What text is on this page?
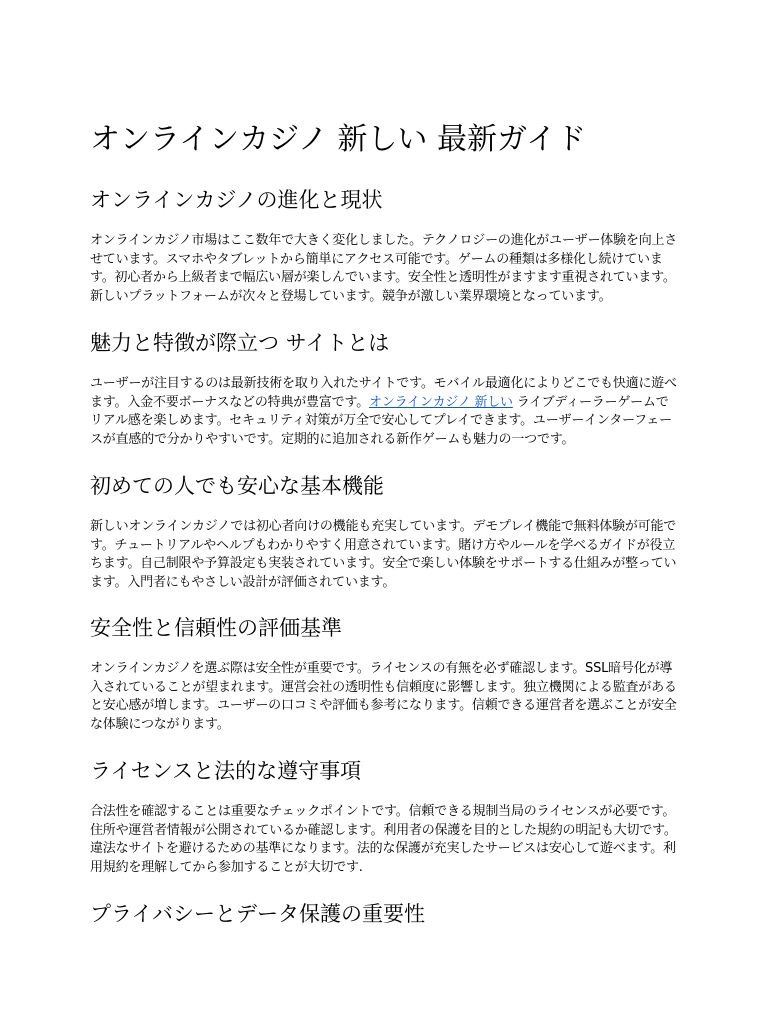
オンラインカジノ 新しい 最新ガイド
オンラインカジノの進化と現状

オンラインカジノ市場はここ数年で大きく変化しました。テクノロジーの進化がユーザー体験を向上させています。スマホやタブレットから簡単にアクセス可能です。ゲームの種類は多様化し続けています。初心者から上級者まで幅広い層が楽しんでいます。安全性と透明性がますます重視されています。新しいプラットフォームが次々と登場しています。競争が激しい業界環境となっています。

魅力と特徴が際立つ サイトとは

ユーザーが注目するのは最新技術を取り入れたサイトです。モバイル最適化によりどこでも快適に遊べます。入金不要ボーナスなどの特典が豊富です。オンラインカジノ 新しい ライブディーラーゲームでリアル感を楽しめます。セキュリティ対策が万全で安心してプレイできます。ユーザーインターフェースが直感的で分かりやすいです。定期的に追加される新作ゲームも魅力の一つです。

初めての人でも安心な基本機能

新しいオンラインカジノでは初心者向けの機能も充実しています。デモプレイ機能で無料体験が可能です。チュートリアルやヘルプもわかりやすく用意されています。賭け方やルールを学べるガイドが役立ちます。自己制限や予算設定も実装されています。安全で楽しい体験をサポートする仕組みが整っています。入門者にもやさしい設計が評価されています。

安全性と信頼性の評価基準

オンラインカジノを選ぶ際は安全性が重要です。ライセンスの有無を必ず確認します。SSL暗号化が導入されていることが望まれます。運営会社の透明性も信頼度に影響します。独立機関による監査があると安心感が増します。ユーザーの口コミや評価も参考になります。信頼できる運営者を選ぶことが安全な体験につながります。

ライセンスと法的な遵守事項

合法性を確認することは重要なチェックポイントです。信頼できる規制当局のライセンスが必要です。住所や運営者情報が公開されているか確認します。利用者の保護を目的とした規約の明記も大切です。違法なサイトを避けるための基準になります。法的な保護が充実したサービスは安心して遊べます。利用規約を理解してから参加することが大切です.

プライバシーとデータ保護の重要性
